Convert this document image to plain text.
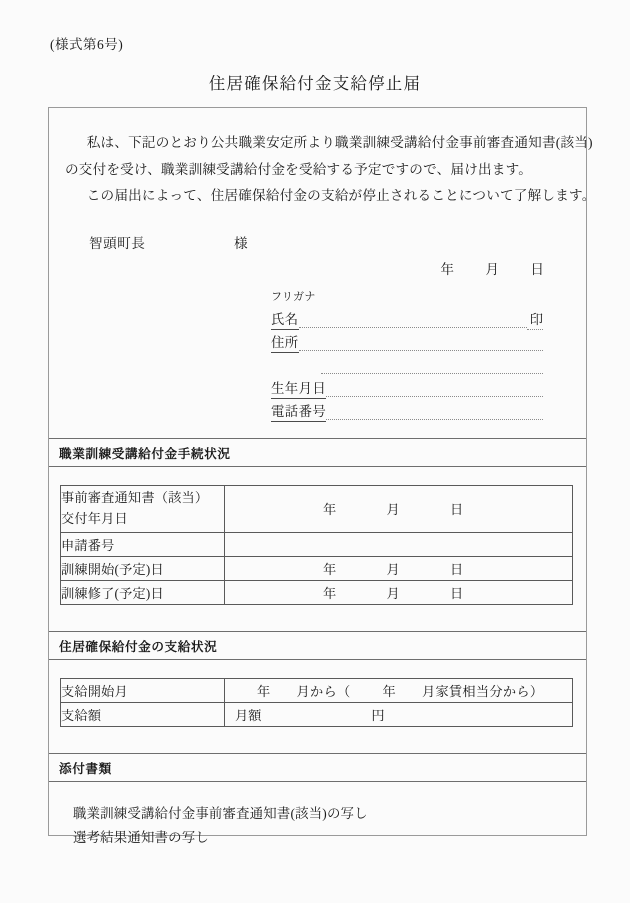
(様式第6号)
住居確保給付金支給停止届

私は、下記のとおり公共職業安定所より職業訓練受講給付金事前審査通知書(該当)

の交付を受け、職業訓練受講給付金を受給する予定ですので、届け出ます。

この届出によって、住居確保給付金の支給が停止されることについて了解します。

智頭町長	様
年 月 日
フリガナ
氏名	印
住所
生年月日
電話番号
職業訓練受講給付金手続状況
事前審査通知書（該当）
交付年月日	年 月 日

申請番号	
訓練開始(予定)日	年 月 日

訓練修了(予定)日	年 月 日
住居確保給付金の支給状況
支給開始月	年 月から（ 年 月家賃相当分から）

支給額	月額 円
添付書類
職業訓練受講給付金事前審査通知書(該当)の写し
選考結果通知書の写し
